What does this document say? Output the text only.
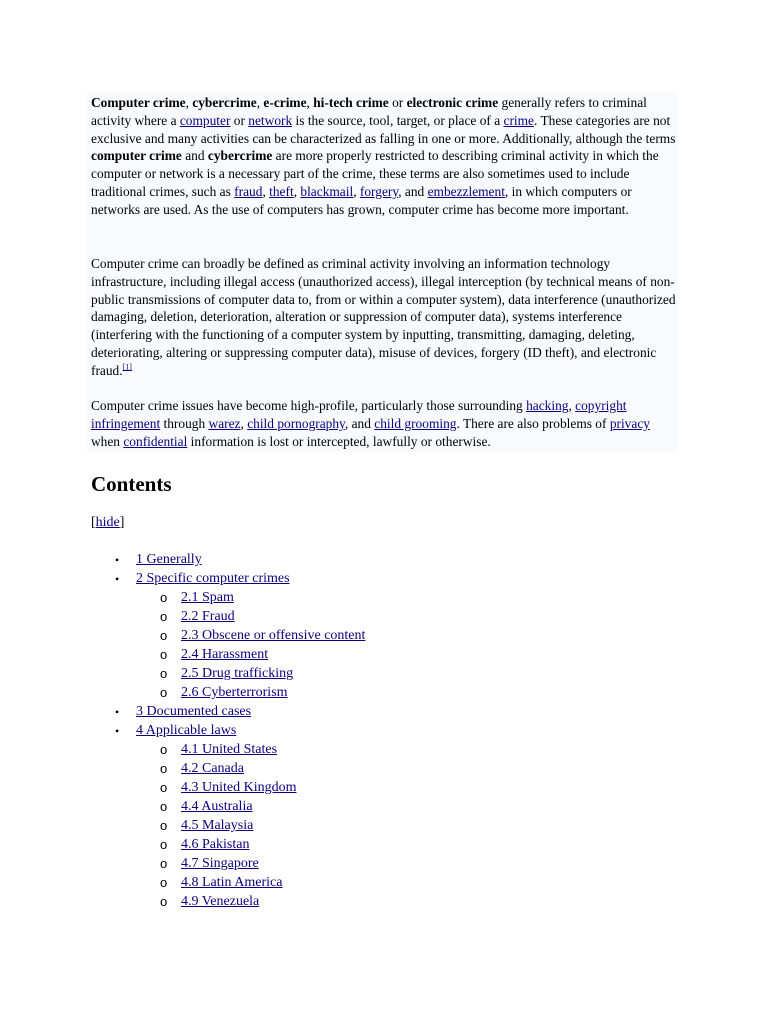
Computer crime, cybercrime, e-crime, hi-tech crime or electronic crime generally refers to criminal activity where a computer or network is the source, tool, target, or place of a crime. These categories are not exclusive and many activities can be characterized as falling in one or more. Additionally, although the terms computer crime and cybercrime are more properly restricted to describing criminal activity in which the computer or network is a necessary part of the crime, these terms are also sometimes used to include traditional crimes, such as fraud, theft, blackmail, forgery, and embezzlement, in which computers or networks are used. As the use of computers has grown, computer crime has become more important.

Computer crime can broadly be defined as criminal activity involving an information technology infrastructure, including illegal access (unauthorized access), illegal interception (by technical means of non-public transmissions of computer data to, from or within a computer system), data interference (unauthorized damaging, deletion, deterioration, alteration or suppression of computer data), systems interference (interfering with the functioning of a computer system by inputting, transmitting, damaging, deleting, deteriorating, altering or suppressing computer data), misuse of devices, forgery (ID theft), and electronic fraud.[1]

Computer crime issues have become high-profile, particularly those surrounding hacking, copyright infringement through warez, child pornography, and child grooming. There are also problems of privacy when confidential information is lost or intercepted, lawfully or otherwise.

Contents
[hide]
• 1 Generally
• 2 Specific computer crimes
o 2.1 Spam
o 2.2 Fraud
o 2.3 Obscene or offensive content
o 2.4 Harassment
o 2.5 Drug trafficking
o 2.6 Cyberterrorism
• 3 Documented cases
• 4 Applicable laws
o 4.1 United States
o 4.2 Canada
o 4.3 United Kingdom
o 4.4 Australia
o 4.5 Malaysia
o 4.6 Pakistan
o 4.7 Singapore
o 4.8 Latin America
o 4.9 Venezuela
